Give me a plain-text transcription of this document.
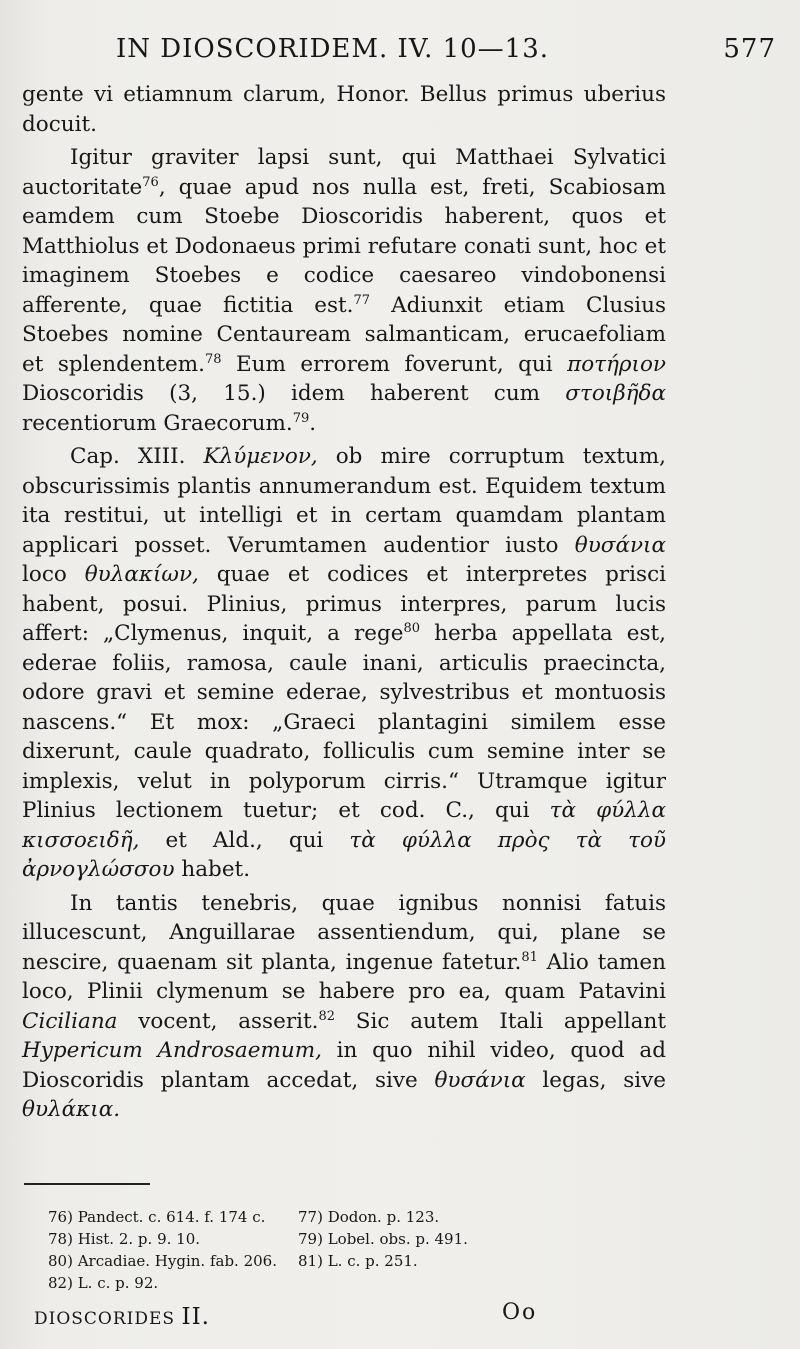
IN DIOSCORIDEM. IV. 10—13.	577

gente vi etiamnum clarum, Honor. Bellus primus uberius docuit.

Igitur graviter lapsi sunt, qui Matthaei Sylvatici auctoritate$^{76}$, quae apud nos nulla est, freti, Scabiosam eamdem cum Stoebe Dioscoridis haberent, quos et Matthiolus et Dodonaeus primi refutare conati sunt, hoc et imaginem Stoebes e codice caesareo vindobonensi afferente, quae fictitia est.$^{77}$ Adiunxit etiam Clusius Stoebes nomine Centauream salmanticam, erucaefoliam et splendentem.$^{78}$ Eum errorem foverunt, qui ποτήριον Dioscoridis (3, 15.) idem haberent cum στοιβῆδα recentiorum Graecorum.$^{79}$.

Cap. XIII. Κλύμενον, ob mire corruptum textum, obscurissimis plantis annumerandum est. Equidem textum ita restitui, ut intelligi et in certam quamdam plantam applicari posset. Verumtamen audentior iusto θυσάνια loco θυλακίων, quae et codices et interpretes prisci habent, posui. Plinius, primus interpres, parum lucis affert: „Clymenus, inquit, a rege$^{80}$ herba appellata est, ederae foliis, ramosa, caule inani, articulis praecincta, odore gravi et semine ederae, sylvestribus et montuosis nascens.“ Et mox: „Graeci plantagini similem esse dixerunt, caule quadrato, folliculis cum semine inter se implexis, velut in polyporum cirris.“ Utramque igitur Plinius lectionem tuetur; et cod. C., qui τὰ φύλλα κισσοειδῆ, et Ald., qui τὰ φύλλα πρὸς τὰ τοῦ ἀρνογλώσσου habet.

In tantis tenebris, quae ignibus nonnisi fatuis illucescunt, Anguillarae assentiendum, qui, plane se nescire, quaenam sit planta, ingenue fatetur.$^{81}$ Alio tamen loco, Plinii clymenum se habere pro ea, quam Patavini Ciciliana vocent, asserit.$^{82}$ Sic autem Itali appellant Hypericum Androsaemum, in quo nihil video, quod ad Dioscoridis plantam accedat, sive θυσάνια legas, sive θυλάκια.

76) Pandect. c. 614. f. 174 c.	77) Dodon. p. 123.
78) Hist. 2. p. 9. 10.	79) Lobel. obs. p. 491.
80) Arcadiae. Hygin. fab. 206.	81) L. c. p. 251.
82) L. c. p. 92.
DIOSCORIDES II.	Oo
